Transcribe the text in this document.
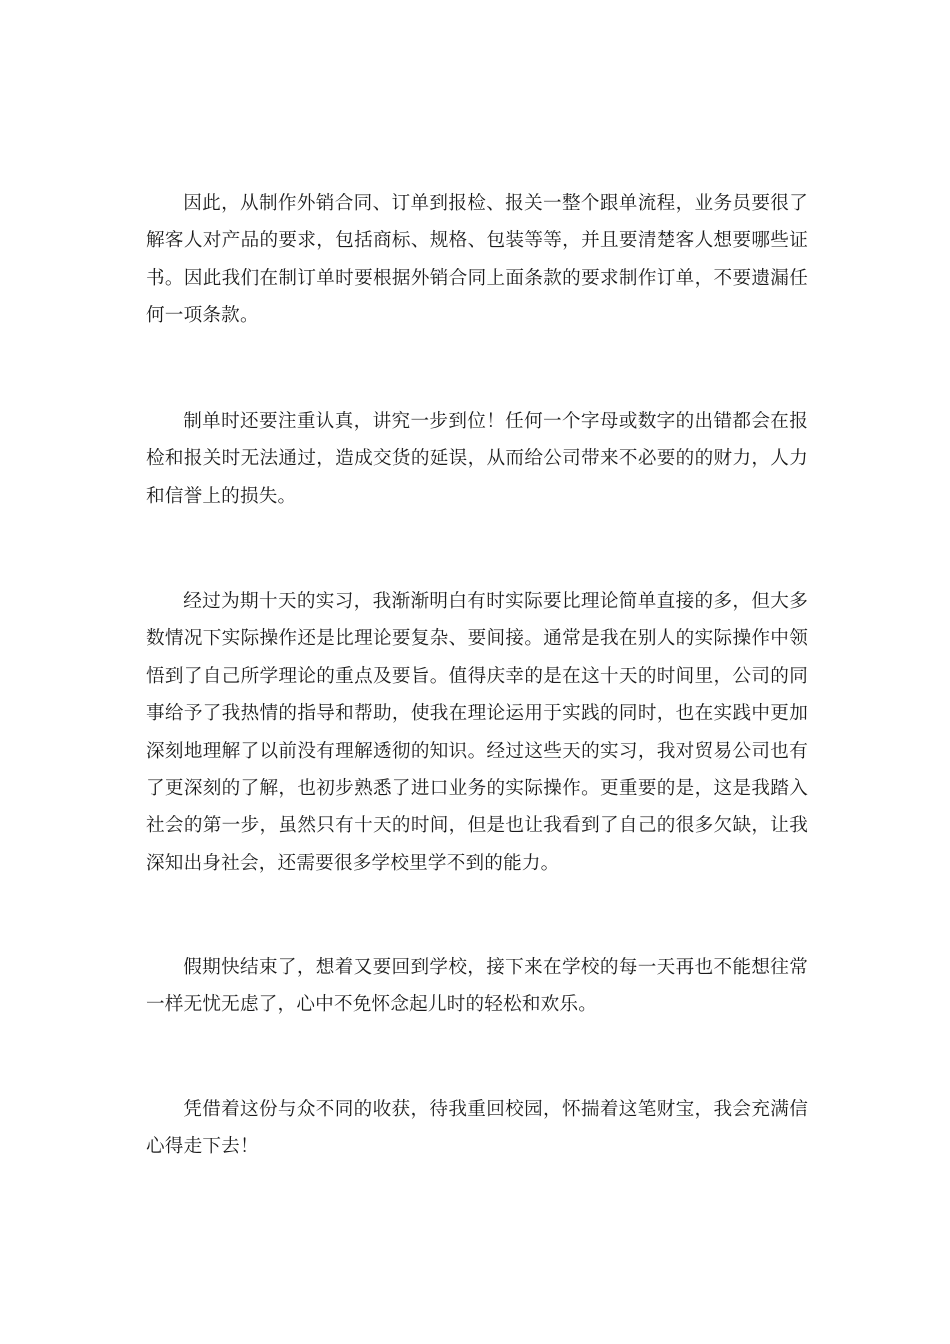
因此，从制作外销合同、订单到报检、报关一整个跟单流程，业务员要很了解客人对产品的要求，包括商标、规格、包装等等，并且要清楚客人想要哪些证书。因此我们在制订单时要根据外销合同上面条款的要求制作订单，不要遗漏任何一项条款。

制单时还要注重认真，讲究一步到位！任何一个字母或数字的出错都会在报检和报关时无法通过，造成交货的延误，从而给公司带来不必要的的财力，人力和信誉上的损失。

经过为期十天的实习，我渐渐明白有时实际要比理论简单直接的多，但大多数情况下实际操作还是比理论要复杂、要间接。通常是我在别人的实际操作中领悟到了自己所学理论的重点及要旨。值得庆幸的是在这十天的时间里，公司的同事给予了我热情的指导和帮助，使我在理论运用于实践的同时，也在实践中更加深刻地理解了以前没有理解透彻的知识。经过这些天的实习，我对贸易公司也有了更深刻的了解，也初步熟悉了进口业务的实际操作。更重要的是，这是我踏入社会的第一步，虽然只有十天的时间，但是也让我看到了自己的很多欠缺，让我深知出身社会，还需要很多学校里学不到的能力。

假期快结束了，想着又要回到学校，接下来在学校的每一天再也不能想往常一样无忧无虑了，心中不免怀念起儿时的轻松和欢乐。

凭借着这份与众不同的收获，待我重回校园，怀揣着这笔财宝，我会充满信心得走下去！
